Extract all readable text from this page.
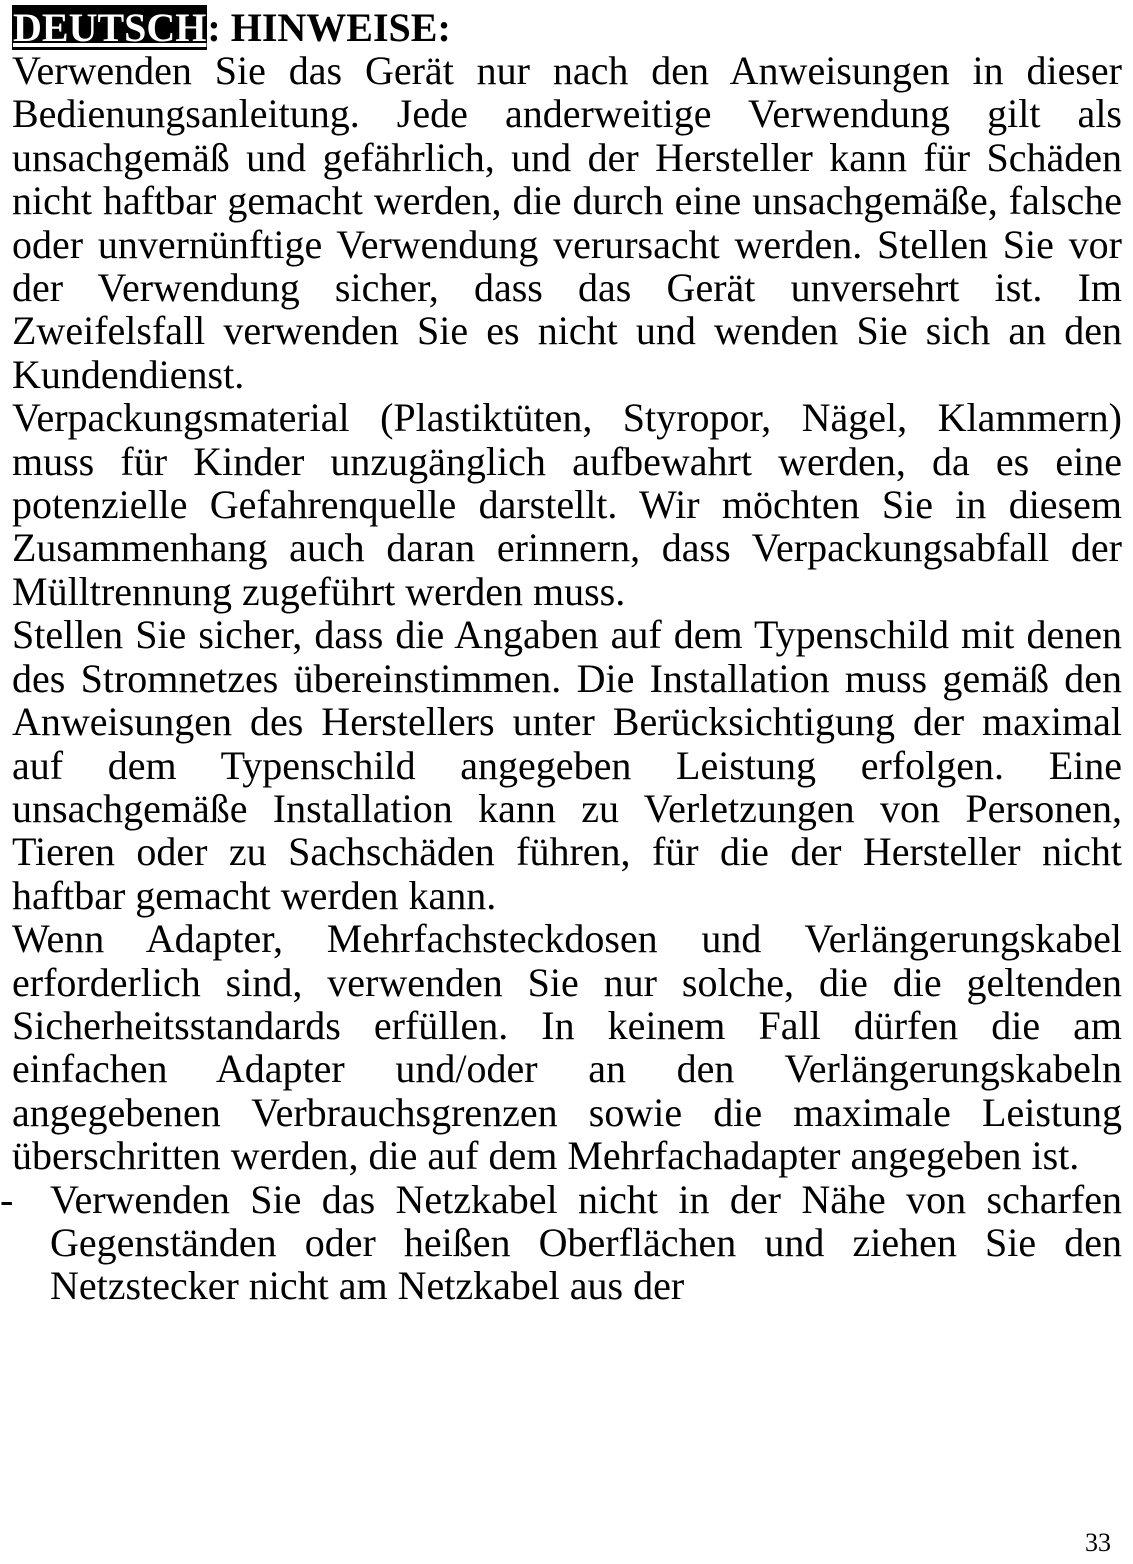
DEUTSCH: HINWEISE:

Verwenden Sie das Gerät nur nach den Anweisungen in dieser Bedienungsanleitung. Jede anderweitige Verwendung gilt als unsachgemäß und gefährlich, und der Hersteller kann für Schäden nicht haftbar gemacht werden, die durch eine unsachgemäße, falsche oder unvernünftige Verwendung verursacht werden. Stellen Sie vor der Verwendung sicher, dass das Gerät unversehrt ist. Im Zweifelsfall verwenden Sie es nicht und wenden Sie sich an den Kundendienst.

Verpackungsmaterial (Plastiktüten, Styropor, Nägel, Klammern) muss für Kinder unzugänglich aufbewahrt werden, da es eine potenzielle Gefahrenquelle darstellt. Wir möchten Sie in diesem Zusammenhang auch daran erinnern, dass Verpackungsabfall der Mülltrennung zugeführt werden muss.

Stellen Sie sicher, dass die Angaben auf dem Typenschild mit denen des Stromnetzes übereinstimmen. Die Installation muss gemäß den Anweisungen des Herstellers unter Berücksichtigung der maximal auf dem Typenschild angegeben Leistung erfolgen. Eine unsachgemäße Installation kann zu Verletzungen von Personen, Tieren oder zu Sachschäden führen, für die der Hersteller nicht haftbar gemacht werden kann.

Wenn Adapter, Mehrfachsteckdosen und Verlängerungskabel erforderlich sind, verwenden Sie nur solche, die die geltenden Sicherheitsstandards erfüllen. In keinem Fall dürfen die am einfachen Adapter und/oder an den Verlängerungskabeln angegebenen Verbrauchsgrenzen sowie die maximale Leistung überschritten werden, die auf dem Mehrfachadapter angegeben ist.

- Verwenden Sie das Netzkabel nicht in der Nähe von scharfen Gegenständen oder heißen Oberflächen und ziehen Sie den Netzstecker nicht am Netzkabel aus der

33
